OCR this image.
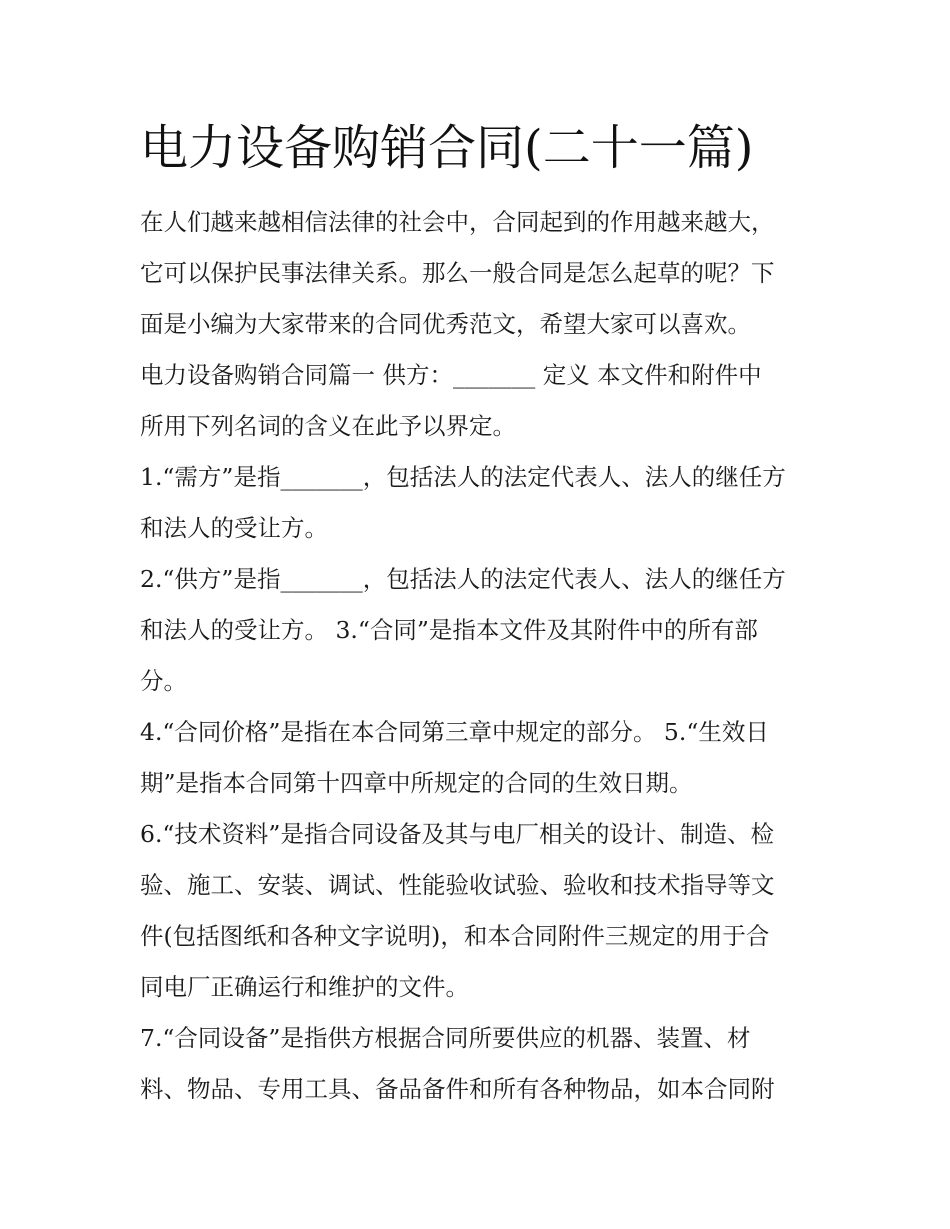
电力设备购销合同(二十一篇)
在人们越来越相信法律的社会中，合同起到的作用越来越大，
它可以保护民事法律关系。那么一般合同是怎么起草的呢？下
面是小编为大家带来的合同优秀范文，希望大家可以喜欢。
电力设备购销合同篇一 供方：_______ 定义 本文件和附件中
所用下列名词的含义在此予以界定。
1.“需方”是指_______，包括法人的法定代表人、法人的继任方
和法人的受让方。
2.“供方”是指_______，包括法人的法定代表人、法人的继任方
和法人的受让方。 3.“合同”是指本文件及其附件中的所有部
分。
4.“合同价格”是指在本合同第三章中规定的部分。 5.“生效日
期”是指本合同第十四章中所规定的合同的生效日期。
6.“技术资料”是指合同设备及其与电厂相关的设计、制造、检
验、施工、安装、调试、性能验收试验、验收和技术指导等文
件(包括图纸和各种文字说明)，和本合同附件三规定的用于合
同电厂正确运行和维护的文件。
7.“合同设备”是指供方根据合同所要供应的机器、装置、材
料、物品、专用工具、备品备件和所有各种物品，如本合同附
